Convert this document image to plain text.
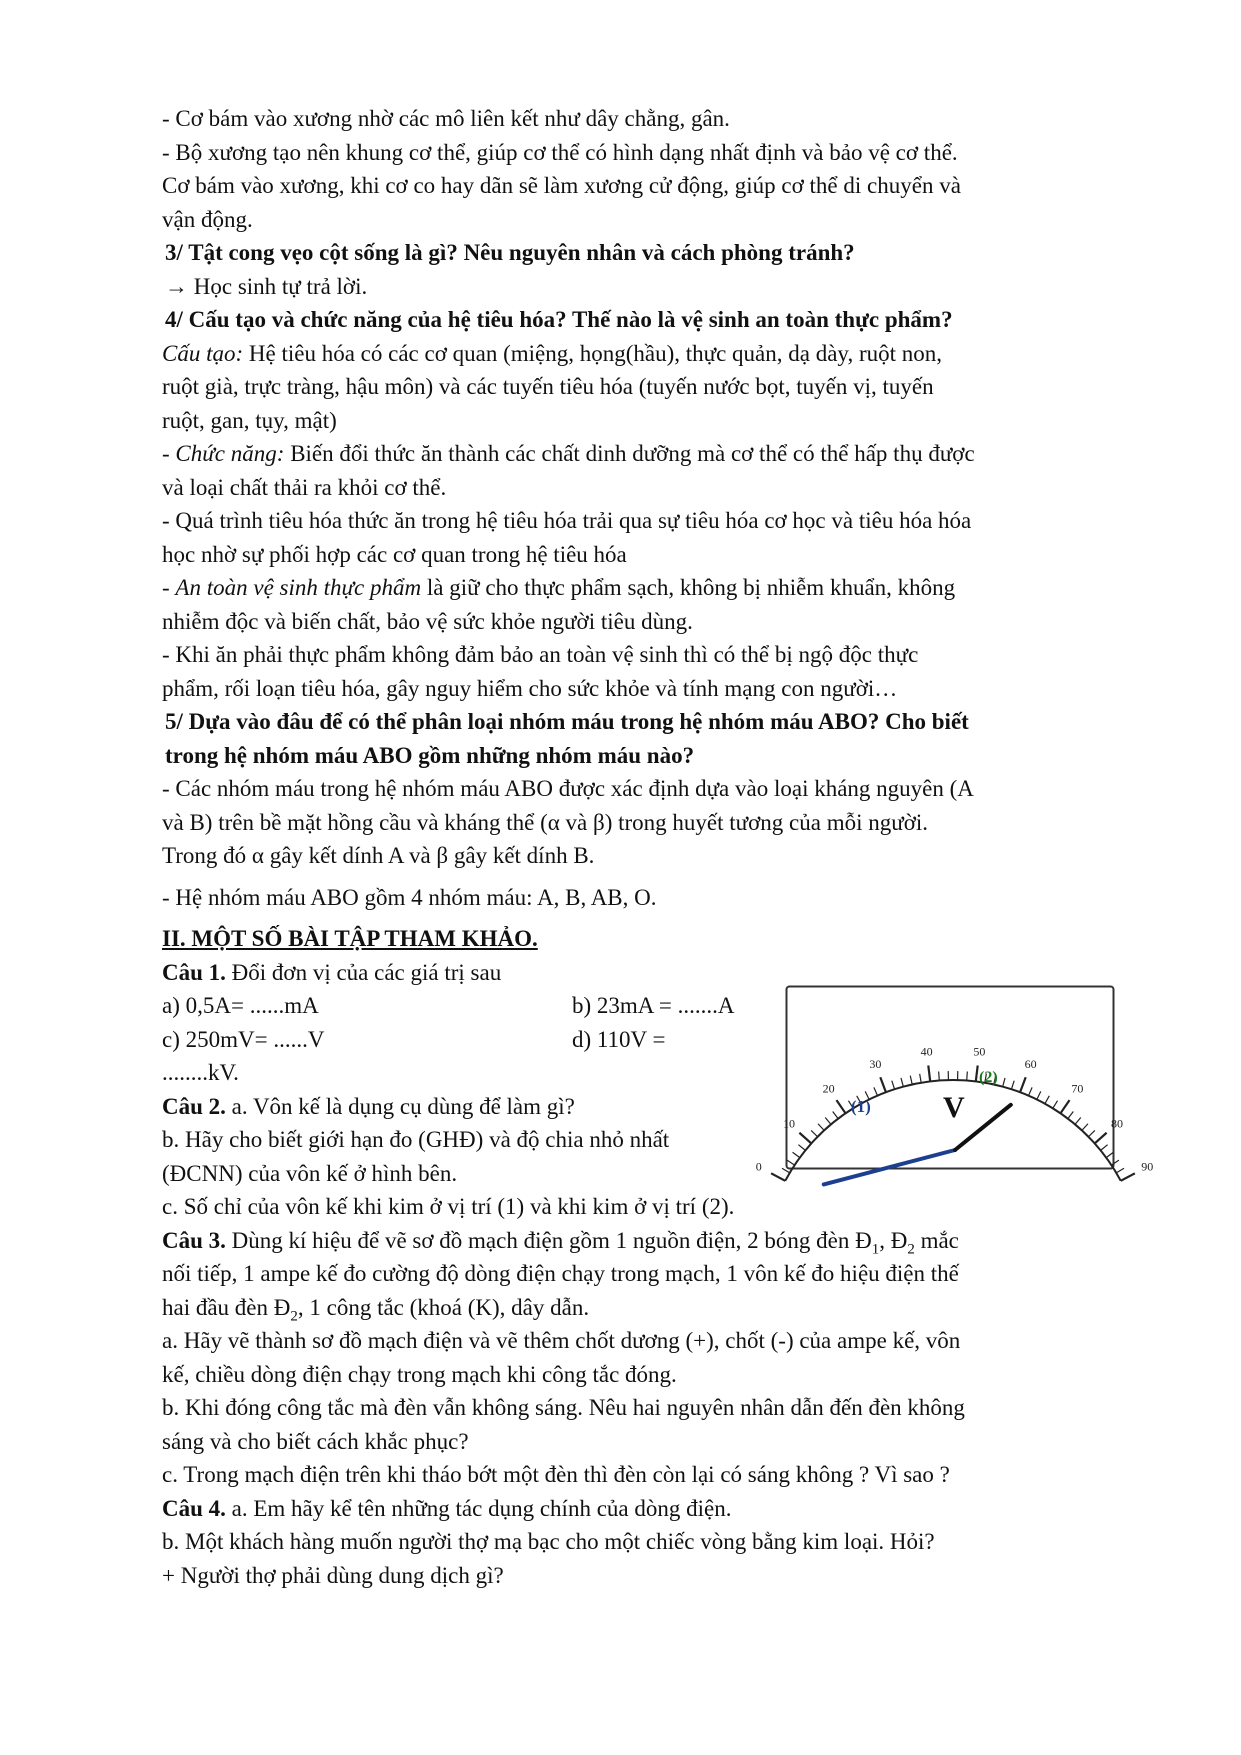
- Cơ bám vào xương nhờ các mô liên kết như dây chằng, gân.

- Bộ xương tạo nên khung cơ thể, giúp cơ thể có hình dạng nhất định và bảo vệ cơ thể.

Cơ bám vào xương, khi cơ co hay dãn sẽ làm xương cử động, giúp cơ thể di chuyển và

vận động.

3/ Tật cong vẹo cột sống là gì? Nêu nguyên nhân và cách phòng tránh?

→ Học sinh tự trả lời.

4/ Cấu tạo và chức năng của hệ tiêu hóa? Thế nào là vệ sinh an toàn thực phẩm?

Cấu tạo: Hệ tiêu hóa có các cơ quan (miệng, họng(hầu), thực quản, dạ dày, ruột non,

ruột già, trực tràng, hậu môn) và các tuyến tiêu hóa (tuyến nước bọt, tuyến vị, tuyến

ruột, gan, tụy, mật)

- Chức năng: Biến đổi thức ăn thành các chất dinh dưỡng mà cơ thể có thể hấp thụ được

và loại chất thải ra khỏi cơ thể.

- Quá trình tiêu hóa thức ăn trong hệ tiêu hóa trải qua sự tiêu hóa cơ học và tiêu hóa hóa

học nhờ sự phối hợp các cơ quan trong hệ tiêu hóa

- An toàn vệ sinh thực phẩm là giữ cho thực phẩm sạch, không bị nhiễm khuẩn, không

nhiễm độc và biến chất, bảo vệ sức khỏe người tiêu dùng.

- Khi ăn phải thực phẩm không đảm bảo an toàn vệ sinh thì có thể bị ngộ độc thực

phẩm, rối loạn tiêu hóa, gây nguy hiểm cho sức khỏe và tính mạng con người…

5/ Dựa vào đâu để có thể phân loại nhóm máu trong hệ nhóm máu ABO? Cho biết

trong hệ nhóm máu ABO gồm những nhóm máu nào?

- Các nhóm máu trong hệ nhóm máu ABO được xác định dựa vào loại kháng nguyên (A

và B) trên bề mặt hồng cầu và kháng thể (α và β) trong huyết tương của mỗi người.

Trong đó α gây kết dính A và β gây kết dính B.

- Hệ nhóm máu ABO gồm 4 nhóm máu: A, B, AB, O.

II. MỘT SỐ BÀI TẬP THAM KHẢO.

Câu 1. Đổi đơn vị của các giá trị sau

a) 0,5A= ......mA	b) 23mA = .......A
c) 250mV= ......V	d) 110V =

........kV.

Câu 2. a. Vôn kế là dụng cụ dùng để làm gì?

b. Hãy cho biết giới hạn đo (GHĐ) và độ chia nhỏ nhất

(ĐCNN) của vôn kế ở hình bên.

c. Số chỉ của vôn kế khi kim ở vị trí (1) và khi kim ở vị trí (2).

Câu 3. Dùng kí hiệu để vẽ sơ đồ mạch điện gồm 1 nguồn điện, 2 bóng đèn $Đ_1$, $Đ_2$ mắc

nối tiếp, 1 ampe kế đo cường độ dòng điện chạy trong mạch, 1 vôn kế đo hiệu điện thế

hai đầu đèn $Đ_2$, 1 công tắc (khoá (K), dây dẫn.

a. Hãy vẽ thành sơ đồ mạch điện và vẽ thêm chốt dương (+), chốt (-) của ampe kế, vôn

kế, chiều dòng điện chạy trong mạch khi công tắc đóng.

b. Khi đóng công tắc mà đèn vẫn không sáng. Nêu hai nguyên nhân dẫn đến đèn không

sáng và cho biết cách khắc phục?

c. Trong mạch điện trên khi tháo bớt một đèn thì đèn còn lại có sáng không ? Vì sao ?

Câu 4. a. Em hãy kể tên những tác dụng chính của dòng điện.

b. Một khách hàng muốn người thợ mạ bạc cho một chiếc vòng bằng kim loại. Hỏi?

+ Người thợ phải dùng dung dịch gì?

0
10
20
30
40	50
60
70
80
90
V
(1)
(2)
